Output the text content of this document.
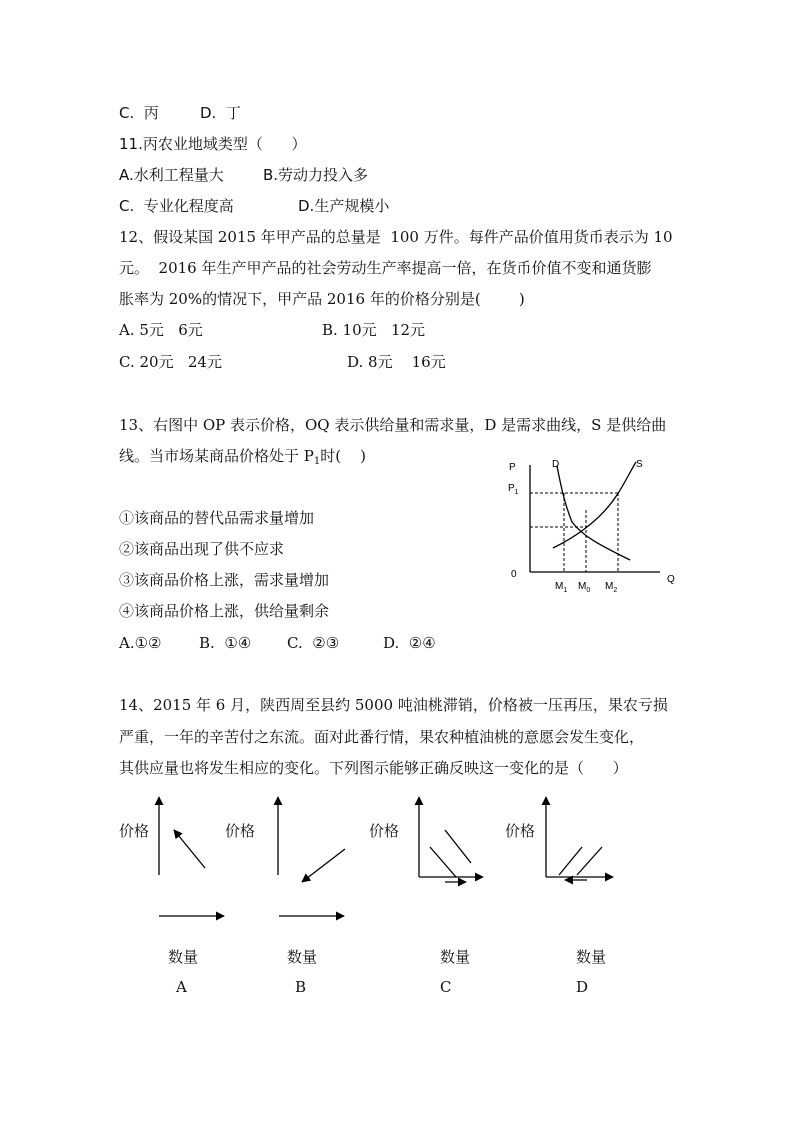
C.  丙	D.  丁
11.丙农业地域类型（      ）
A.水利工程量大	B.劳动力投入多
C.  专业化程度高	D.生产规模小
12、假设某国 2015 年甲产品的总量是  100 万件。每件产品价值用货币表示为 10
元。  2016 年生产甲产品的社会劳动生产率提高一倍，在货币价值不变和通货膨
胀率为 20%的情况下，甲产品 2016 年的价格分别是(        )
A. 5元   6元	B. 10元   12元
C. 20元   24元	D. 8元    16元
13、右图中 OP 表示价格，OQ 表示供给量和需求量，D 是需求曲线，S 是供给曲
线。当市场某商品价格处于 $P_1$时(    )
①该商品的替代品需求量增加
②该商品出现了供不应求
③该商品价格上涨，需求量增加
④该商品价格上涨，供给量剩余
A.①②	B.  ①④ C.  ②③	D.  ②④
P
$P_1$
0
D	S
Q
$M_1$ $M_0$ $M_2$
14、2015 年 6 月，陕西周至县约 5000 吨油桃滞销，价格被一压再压，果农亏损
严重，一年的辛苦付之东流。面对此番行情，果农种植油桃的意愿会发生变化，
其供应量也将发生相应的变化。下列图示能够正确反映这一变化的是（      ）
价格	价格	价格	价格
数量	数量	数量	数量
A	B	C	D
